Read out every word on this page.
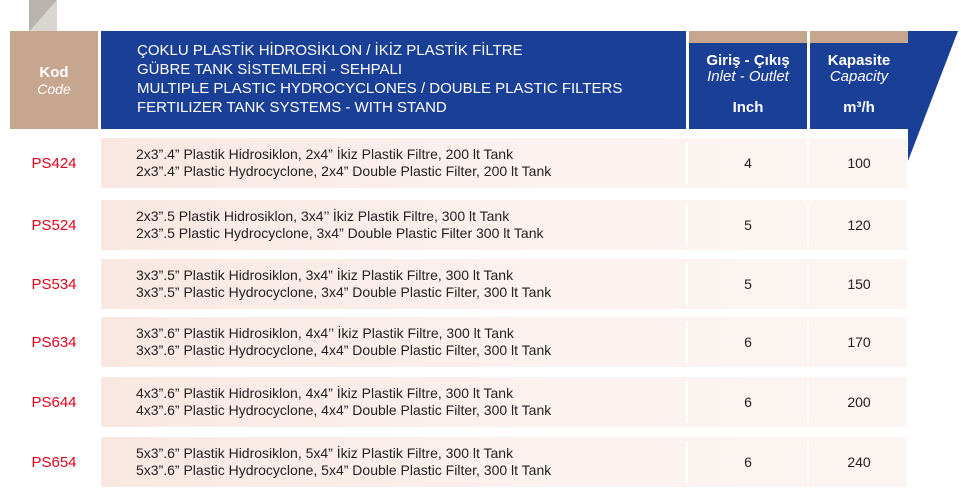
Kod
Code
ÇOKLU PLASTİK HİDROSİKLON / İKİZ PLASTİK FİLTRE
GÜBRE TANK SİSTEMLERİ - SEHPALI
MULTIPLE PLASTIC HYDROCYCLONES / DOUBLE PLASTIC FILTERS
FERTILIZER TANK SYSTEMS - WITH STAND
Giriş - Çıkış
Inlet - Outlet
Inch
Kapasite
Capacity
m³/h
PS424
2x3”.4” Plastik Hidrosiklon, 2x4” İkiz Plastik Filtre, 200 lt Tank
2x3”.4” Plastic Hydrocyclone, 2x4” Double Plastic Filter, 200 lt Tank	4	100
PS524
2x3”.5 Plastik Hidrosiklon, 3x4’’ İkiz Plastik Filtre, 300 lt Tank
2x3”.5 Plastic Hydrocyclone, 3x4” Double Plastic Filter 300 lt Tank	5	120
PS534
3x3”.5” Plastik Hidrosiklon, 3x4” İkiz Plastik Filtre, 300 lt Tank
3x3”.5” Plastic Hydrocyclone, 3x4” Double Plastic Filter, 300 lt Tank	5	150
PS634
3x3”.6” Plastik Hidrosiklon, 4x4’’ İkiz Plastik Filtre, 300 lt Tank
3x3”.6” Plastic Hydrocyclone, 4x4” Double Plastic Filter, 300 lt Tank	6	170
PS644
4x3”.6” Plastik Hidrosiklon, 4x4” İkiz Plastik Filtre, 300 lt Tank
4x3”.6” Plastic Hydrocyclone, 4x4” Double Plastic Filter, 300 lt Tank	6	200
PS654
5x3”.6” Plastik Hidrosiklon, 5x4” İkiz Plastik Filtre, 300 lt Tank
5x3”.6” Plastic Hydrocyclone, 5x4” Double Plastic Filter, 300 lt Tank	6	240
